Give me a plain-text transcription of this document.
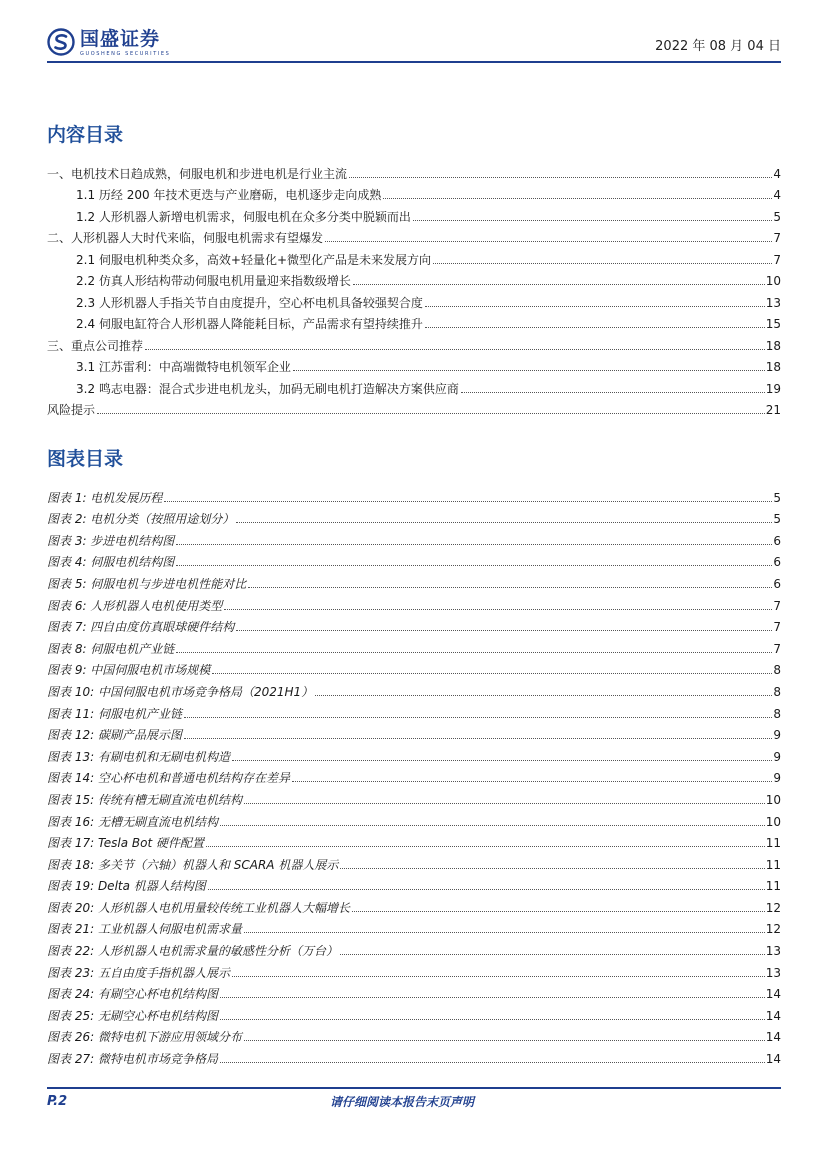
国盛证券
GUOSHENG SECURITIES	2022 年 08 月 04 日
内容目录
一、电机技术日趋成熟，伺服电机和步进电机是行业主流	4
1.1 历经 200 年技术更迭与产业磨砺，电机逐步走向成熟	4
1.2 人形机器人新增电机需求，伺服电机在众多分类中脱颖而出	5
二、人形机器人大时代来临，伺服电机需求有望爆发	7
2.1 伺服电机种类众多，高效+轻量化+微型化产品是未来发展方向	7
2.2 仿真人形结构带动伺服电机用量迎来指数级增长	10
2.3 人形机器人手指关节自由度提升，空心杯电机具备较强契合度	13
2.4 伺服电缸符合人形机器人降能耗目标，产品需求有望持续推升	15
三、重点公司推荐	18
3.1 江苏雷利：中高端微特电机领军企业	18
3.2 鸣志电器：混合式步进电机龙头，加码无刷电机打造解决方案供应商	19
风险提示	21
图表目录
图表 1: 电机发展历程	5
图表 2: 电机分类（按照用途划分）	5
图表 3: 步进电机结构图	6
图表 4: 伺服电机结构图	6
图表 5: 伺服电机与步进电机性能对比	6
图表 6: 人形机器人电机使用类型	7
图表 7: 四自由度仿真眼球硬件结构	7
图表 8: 伺服电机产业链	7
图表 9: 中国伺服电机市场规模	8
图表 10: 中国伺服电机市场竞争格局（2021H1）	8
图表 11: 伺服电机产业链	8
图表 12: 碳刷产品展示图	9
图表 13: 有刷电机和无刷电机构造	9
图表 14: 空心杯电机和普通电机结构存在差异	9
图表 15: 传统有槽无刷直流电机结构	10
图表 16: 无槽无刷直流电机结构	10
图表 17: Tesla Bot 硬件配置	11
图表 18: 多关节（六轴）机器人和 SCARA 机器人展示	11
图表 19: Delta 机器人结构图	11
图表 20: 人形机器人电机用量较传统工业机器人大幅增长	12
图表 21: 工业机器人伺服电机需求量	12
图表 22: 人形机器人电机需求量的敏感性分析（万台）	13
图表 23: 五自由度手指机器人展示	13
图表 24: 有刷空心杯电机结构图	14
图表 25: 无刷空心杯电机结构图	14
图表 26: 微特电机下游应用领域分布	14
图表 27: 微特电机市场竞争格局	14
P.2	请仔细阅读本报告末页声明
